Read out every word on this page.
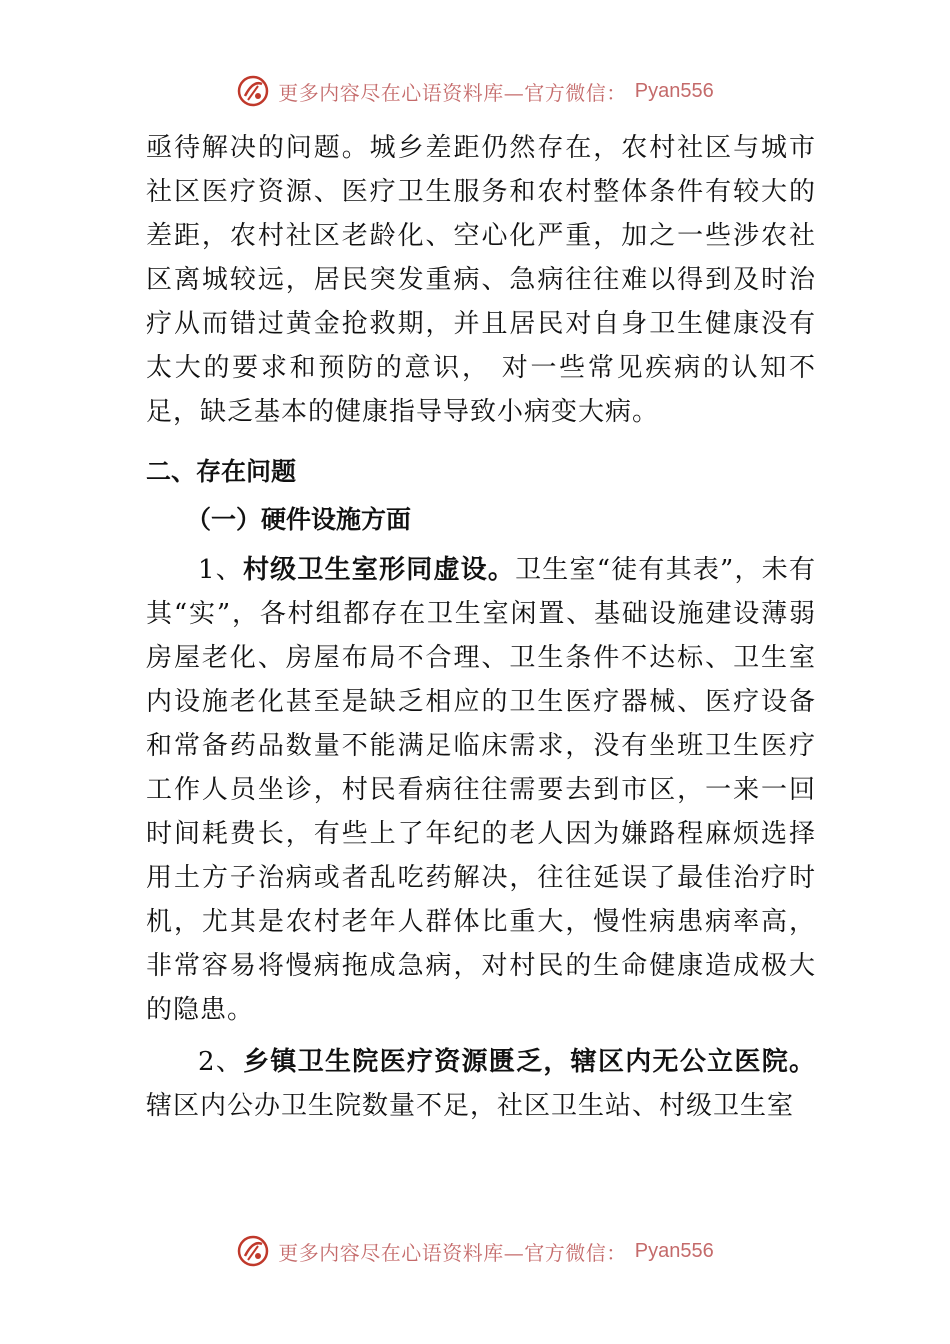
更多内容尽在心语资料库—官方微信： Pyan556

亟待解决的问题。城乡差距仍然存在，农村社区与城市社区医疗资源、医疗卫生服务和农村整体条件有较大的差距，农村社区老龄化、空心化严重，加之一些涉农社区离城较远，居民突发重病、急病往往难以得到及时治疗从而错过黄金抢救期，并且居民对自身卫生健康没有太大的要求和预防的意识， 对一些常见疾病的认知不足，缺乏基本的健康指导导致小病变大病。

二、存在问题
（一）硬件设施方面

1、村级卫生室形同虚设。卫生室“徒有其表”，未有其“实”，各村组都存在卫生室闲置、基础设施建设薄弱房屋老化、房屋布局不合理、卫生条件不达标、卫生室内设施老化甚至是缺乏相应的卫生医疗器械、医疗设备和常备药品数量不能满足临床需求，没有坐班卫生医疗工作人员坐诊，村民看病往往需要去到市区，一来一回时间耗费长，有些上了年纪的老人因为嫌路程麻烦选择用土方子治病或者乱吃药解决，往往延误了最佳治疗时机，尤其是农村老年人群体比重大，慢性病患病率高，非常容易将慢病拖成急病，对村民的生命健康造成极大的隐患。

2、乡镇卫生院医疗资源匮乏，辖区内无公立医院。辖区内公办卫生院数量不足，社区卫生站、村级卫生室

更多内容尽在心语资料库—官方微信： Pyan556
